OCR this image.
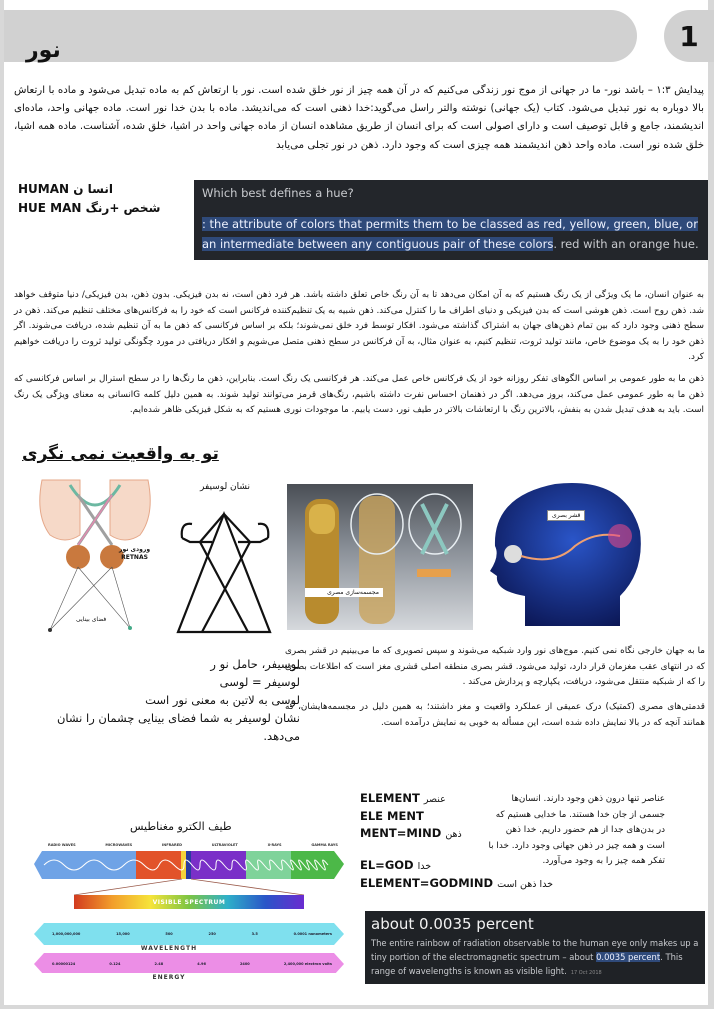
نور	1

پیدایش ۱:۳ – باشد نور- ما در جهانی از موج نور زندگی می‌کنیم که در آن همه چیز از نور خلق شده است. نور با ارتعاش کم به ماده تبدیل می‌شود و ماده با ارتعاش بالا دوباره به نور تبدیل می‌شود. کتاب (یک جهانی) نوشته والتر راسل می‌گوید:خدا ذهنی است که می‌اندیشد. ماده با بدن خدا نور است. ماده جهانی واحد، ماده‌ای اندیشمند، جامع و قابل توصیف است و دارای اصولی است که برای انسان از طریق مشاهده انسان از ماده جهانی واحد در اشیا، خلق شده، آشناست. ماده همه اشیا، خلق شده نور است. ماده واحد ذهن اندیشمند همه چیزی است که وجود دارد. ذهن در نور تجلی می‌یابد

انسا ن HUMAN
شخص +رنگ HUE MAN
Which best defines a hue?
: the attribute of colors that permits them to be classed as red, yellow, green, blue, or an intermediate between any contiguous pair of these colors. red with an orange hue.

به عنوان انسان، ما یک ویژگی از یک رنگ هستیم که به آن امکان می‌دهد تا به آن رنگ خاص تعلق داشته باشد. هر فرد ذهن است، نه بدن فیزیکی. بدون ذهن، بدن فیزیکی/ دنیا متوقف خواهد شد. ذهن روح است. ذهن هوشی است که بدن فیزیکی و دنیای اطراف ما را کنترل می‌کند. ذهن شبیه به یک تنظیم‌کننده فرکانس است که خود را به فرکانس‌های مختلف تنظیم می‌کند. ذهن در سطح ذهنی وجود دارد که بین تمام ذهن‌های جهان به اشتراک گذاشته می‌شود. افکار توسط فرد خلق نمی‌شوند؛ بلکه بر اساس فرکانسی که ذهن ما به آن تنظیم شده، دریافت می‌شوند. اگر ذهن خود را به یک موضوع خاص، مانند تولید ثروت، تنظیم کنیم، به عنوان مثال، به آن فرکانس در سطح ذهنی متصل می‌شویم و افکار دریافتی در مورد چگونگی تولید ثروت را دریافت خواهیم کرد.

ذهن ما به طور عمومی بر اساس الگوهای تفکر روزانه خود از یک فرکانس خاص عمل می‌کند. هر فرکانسی یک رنگ است. بنابراین، ذهن ما رنگ‌ها را در سطح استرال بر اساس فرکانسی که ذهن ما به طور عمومی عمل می‌کند، بروز می‌دهد. اگر در ذهنمان احساس نفرت داشته باشیم، رنگ‌های قرمز می‌توانند تولید شوند. به همین دلیل کلمه Gانسانی به معنای ویژگی یک رنگ است. باید به هدف تبدیل شدن به بنفش، بالاترین رنگ با ارتعاشات بالاتر در طیف نور، دست یابیم. ما موجودات نوری هستیم که به شکل فیزیکی ظاهر شده‌ایم.

تو به واقعیت نمی نگری
ورودی نور
RETNAS
فضای بینایی
نشان لوسیفر
مجسمه‌سازی مصری
قشر بصری

ما به جهان خارجی نگاه نمی کنیم. موج‌های نور وارد شبکیه می‌شوند و سپس تصویری که ما می‌بینیم در قشر بصری که در انتهای عقب مغزمان قرار دارد، تولید می‌شود. قشر بصری منطقه اصلی قشری مغز است که اطلاعات بصری را که از شبکیه منتقل می‌شود، دریافت، یکپارچه و پردازش می‌کند .

قدمتی‌های مصری (کمتیک) درک عمیقی از عملکرد واقعیت و مغز داشتند؛ به همین دلیل در مجسمه‌هایشان، که همانند آنچه که در بالا نمایش داده شده است، این مسأله به خوبی به نمایش درآمده است.

لوسیفر، حامل نو ر
لوسیفر = لوسی
لوسی به لاتین به معنی نور است
نشان لوسیفر به شما فضای بینایی چشمان را نشان می‌دهد.
ELEMENT عنصر
ELE MENT
MENT=MIND ذهن
EL=GOD خدا
ELEMENT=GODMIND خدا ذهن است
عناصر تنها درون ذهن وجود دارند. انسان‌ها جسمی از جان خدا هستند. ما خدایی هستیم که در بدن‌های جدا از هم حضور داریم. خدا ذهن است و همه چیز در ذهن جهانی وجود دارد. خدا با تفکر همه چیز را به وجود می‌آورد.
طیف الکترو مغناطیس
RADIO WAVES	MICROWAVES	INFRARED	ULTRAVIOLET	X-RAYS	GAMMA RAYS
VISIBLE SPECTRUM
1,000,000,000	15,000	500	250	3.5	0.0001 nanometers
WAVELENGTH
0.00000124	0.124	2.48	4.96	2400	2,400,000 electron volts
ENERGY
about 0.0035 percent
The entire rainbow of radiation observable to the human eye only makes up a tiny portion of the electromagnetic spectrum – about 0.0035 percent. This range of wavelengths is known as visible light. 17 Oct 2018
